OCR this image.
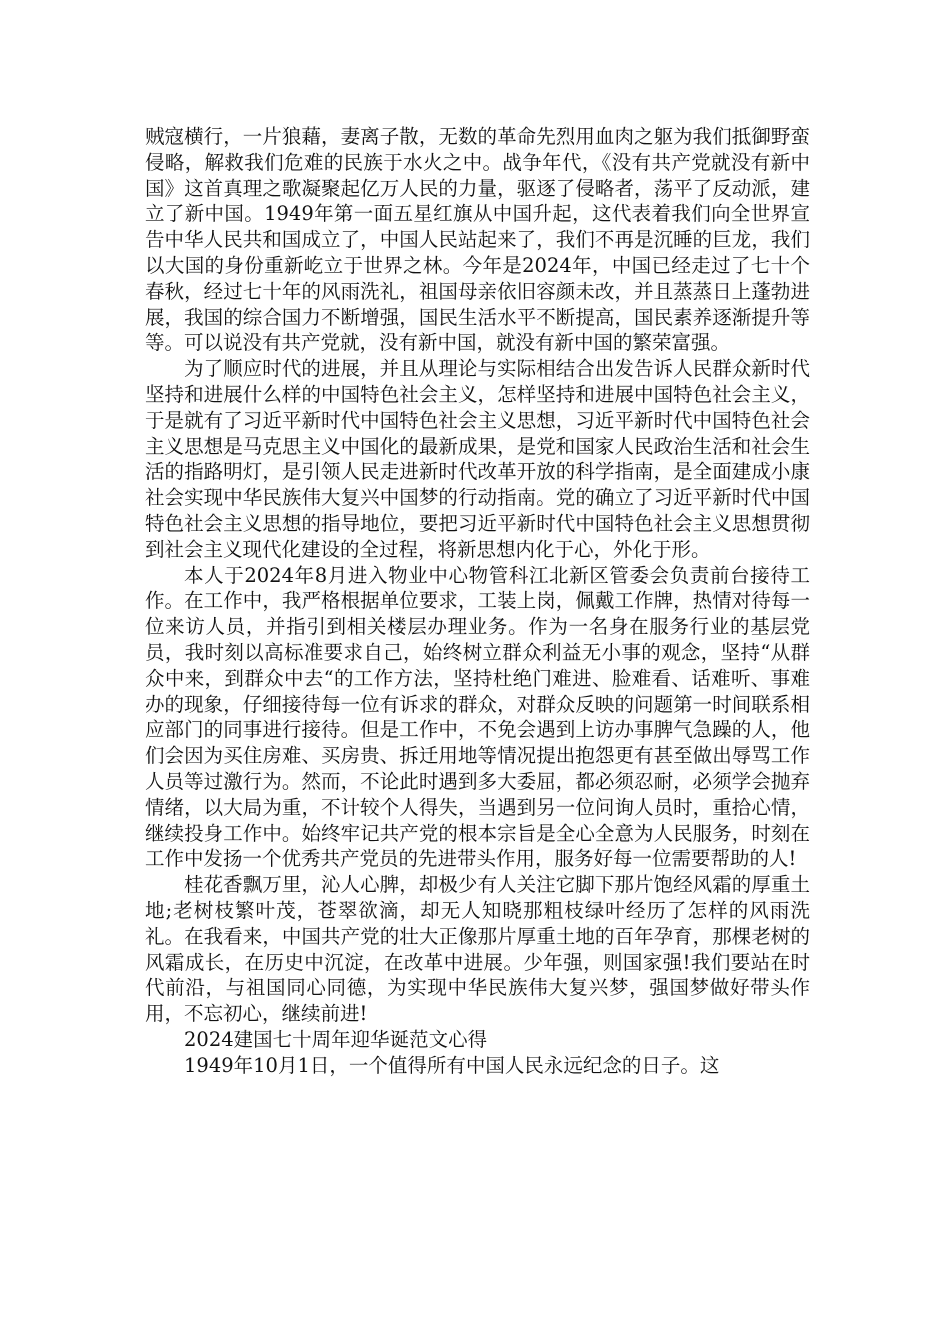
贼寇横行，一片狼藉，妻离子散，无数的革命先烈用血肉之躯为我们抵御野蛮侵略，解救我们危难的民族于水火之中。战争年代，《没有共产党就没有新中国》这首真理之歌凝聚起亿万人民的力量，驱逐了侵略者，荡平了反动派，建立了新中国。1949年第一面五星红旗从中国升起，这代表着我们向全世界宣告中华人民共和国成立了，中国人民站起来了，我们不再是沉睡的巨龙，我们以大国的身份重新屹立于世界之林。今年是2024年，中国已经走过了七十个春秋，经过七十年的风雨洗礼，祖国母亲依旧容颜未改，并且蒸蒸日上蓬勃进展，我国的综合国力不断增强，国民生活水平不断提高，国民素养逐渐提升等等。可以说没有共产党就，没有新中国，就没有新中国的繁荣富强。

为了顺应时代的进展，并且从理论与实际相结合出发告诉人民群众新时代坚持和进展什么样的中国特色社会主义，怎样坚持和进展中国特色社会主义，于是就有了习近平新时代中国特色社会主义思想，习近平新时代中国特色社会主义思想是马克思主义中国化的最新成果，是党和国家人民政治生活和社会生活的指路明灯，是引领人民走进新时代改革开放的科学指南，是全面建成小康社会实现中华民族伟大复兴中国梦的行动指南。党的确立了习近平新时代中国特色社会主义思想的指导地位，要把习近平新时代中国特色社会主义思想贯彻到社会主义现代化建设的全过程，将新思想内化于心，外化于形。

本人于2024年8月进入物业中心物管科江北新区管委会负责前台接待工作。在工作中，我严格根据单位要求，工装上岗，佩戴工作牌，热情对待每一位来访人员，并指引到相关楼层办理业务。作为一名身在服务行业的基层党员，我时刻以高标准要求自己，始终树立群众利益无小事的观念，坚持“从群众中来，到群众中去“的工作方法，坚持杜绝门难进、脸难看、话难听、事难办的现象，仔细接待每一位有诉求的群众，对群众反映的问题第一时间联系相应部门的同事进行接待。但是工作中，不免会遇到上访办事脾气急躁的人，他们会因为买住房难、买房贵、拆迁用地等情况提出抱怨更有甚至做出辱骂工作人员等过激行为。然而，不论此时遇到多大委屈，都必须忍耐，必须学会抛弃情绪，以大局为重，不计较个人得失，当遇到另一位问询人员时，重拾心情，继续投身工作中。始终牢记共产党的根本宗旨是全心全意为人民服务，时刻在工作中发扬一个优秀共产党员的先进带头作用，服务好每一位需要帮助的人!

桂花香飘万里，沁人心脾，却极少有人关注它脚下那片饱经风霜的厚重土地;老树枝繁叶茂，苍翠欲滴，却无人知晓那粗枝绿叶经历了怎样的风雨洗礼。在我看来，中国共产党的壮大正像那片厚重土地的百年孕育，那棵老树的风霜成长，在历史中沉淀，在改革中进展。少年强，则国家强!我们要站在时代前沿，与祖国同心同德，为实现中华民族伟大复兴梦，强国梦做好带头作用，不忘初心，继续前进!

2024建国七十周年迎华诞范文心得

1949年10月1日，一个值得所有中国人民永远纪念的日子。这
